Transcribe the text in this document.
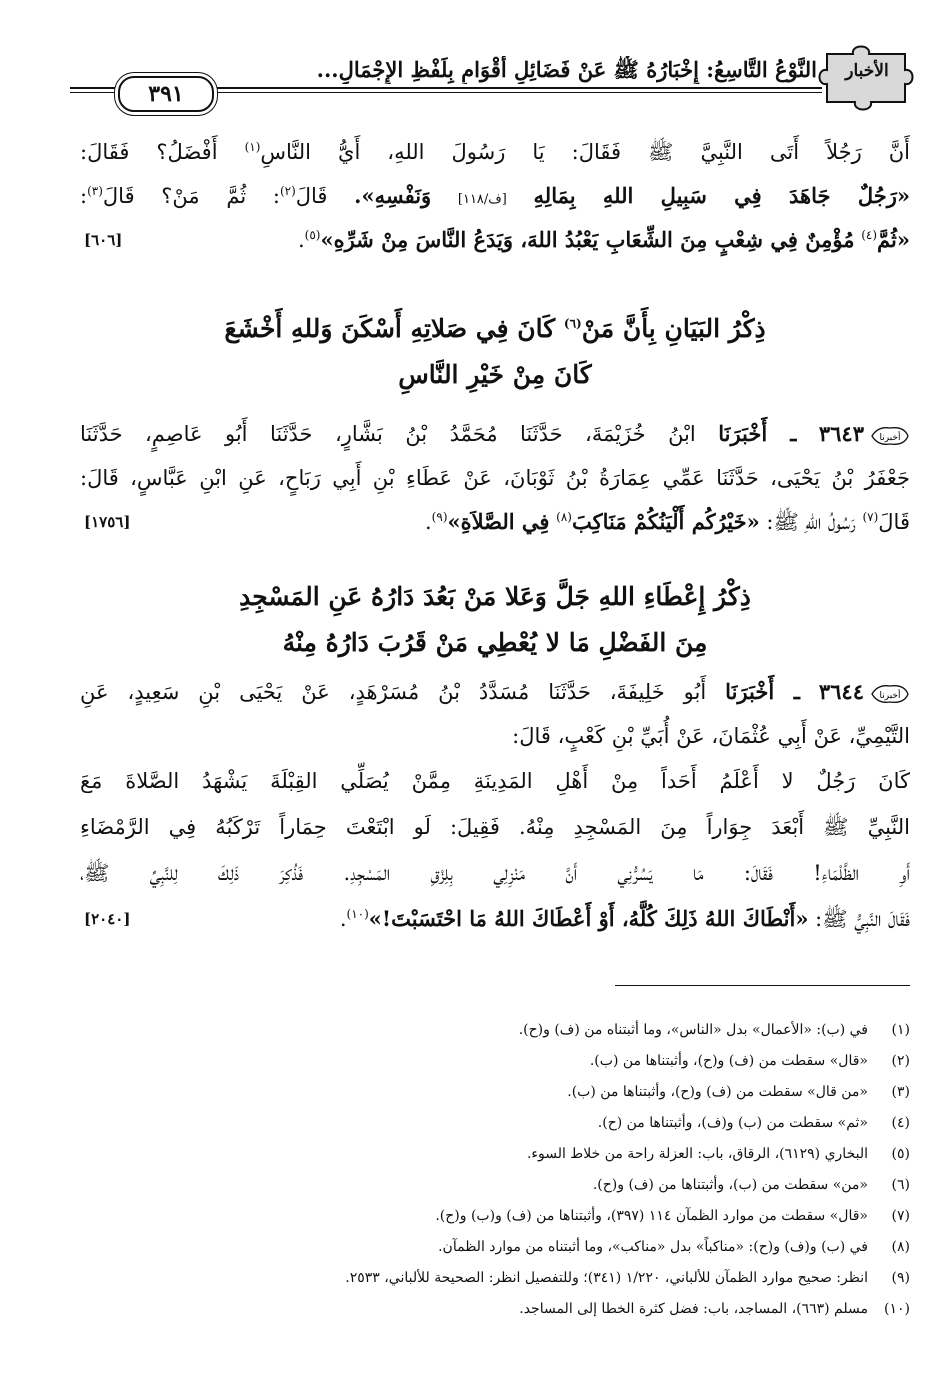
٣٩١
النَّوْعُ التَّاسِعُ: إِخْبَارُهُ ﷺ عَنْ فَضَائِلِ أَقْوَامٍ بِلَفْظِ الإِجْمَالِ...	الأخبار
أَنَّ رَجُلاً أَتَى النَّبِيَّ ﷺ فَقَالَ: يَا رَسُولَ اللهِ، أَيُّ النَّاسِ$^{(١)}$ أَفْضَلُ؟ فَقَالَ:
«رَجُلٌ جَاهَدَ فِي سَبِيلِ اللهِ بِمَالِهِ [ف/١١٨] وَنَفْسِهِ». قَالَ$^{(٢)}$: ثُمَّ مَنْ؟ قَالَ$^{(٣)}$:
«ثُمَّ$^{(٤)}$ مُؤْمِنٌ فِي شِعْبٍ مِنَ الشِّعَابِ يَعْبُدُ اللهَ، وَيَدَعُ النَّاسَ مِنْ شَرِّهِ»$^{(٥)}$.
[٦٠٦]
ذِكْرُ البَيَانِ بِأَنَّ مَنْ$^{(٦)}$ كَانَ فِي صَلاتِهِ أَسْكَنَ وَللهِ أَخْشَعَ
كَانَ مِنْ خَيْرِ النَّاسِ
أخبرنا
٣٦٤٣ ـ أَخْبَرَنَا ابْنُ خُزَيْمَةَ، حَدَّثَنَا مُحَمَّدُ بْنُ بَشَّارٍ، حَدَّثَنَا أَبُو عَاصِمٍ، حَدَّثَنَا
جَعْفَرُ بْنُ يَحْيَى، حَدَّثَنَا عَمِّي عِمَارَةُ بْنُ ثَوْبَانَ، عَنْ عَطَاءِ بْنِ أَبِي رَبَاحٍ، عَنِ ابْنِ عَبَّاسٍ، قَالَ:
قَالَ$^{(٧)}$ رَسُولُ اللهِ ﷺ: «خَيْرُكُم أَلْيَنُكُمْ مَنَاكِبَ$^{(٨)}$ فِي الصَّلاَةِ»$^{(٩)}$.
[١٧٥٦]
ذِكْرُ إِعْطَاءِ اللهِ جَلَّ وَعَلا مَنْ بَعُدَ دَارُهُ عَنِ المَسْجِدِ
مِنَ الفَضْلِ مَا لا يُعْطِي مَنْ قَرُبَ دَارُهُ مِنْهُ
أخبرنا
٣٦٤٤ ـ أَخْبَرَنَا أَبُو خَلِيفَةَ، حَدَّثَنَا مُسَدَّدُ بْنُ مُسَرْهَدٍ، عَنْ يَحْيَى بْنِ سَعِيدٍ، عَنِ
التَّيْمِيِّ، عَنْ أَبِي عُثْمَانَ، عَنْ أُبَيِّ بْنِ كَعْبٍ، قَالَ:
كَانَ رَجُلٌ لا أَعْلَمُ أَحَداً مِنْ أَهْلِ المَدِينَةِ مِمَّنْ يُصَلِّي القِبْلَةَ يَشْهَدُ الصَّلاةَ مَعَ
النَّبِيِّ ﷺ أَبْعَدَ جِوَاراً مِنَ المَسْجِدِ مِنْهُ. فَقِيلَ: لَو ابْتَعْتَ حِمَاراً تَرْكَبُهُ فِي الرَّمْضَاءِ
أَوِ الظَّلْمَاءِ! فَقَالَ: مَا يَسُرُّنِي أَنَّ مَنْزِلِي بِلِزْقِ المَسْجِدِ. فَذُكِرَ ذَلِكَ لِلنَّبِيِّ ﷺ،
فَقَالَ النَّبِيُّ ﷺ: «أَنْطَاكَ اللهُ ذَلِكَ كُلَّهُ، أَوْ أَعْطَاكَ اللهُ مَا احْتَسَبْتَ!»$^{(١٠)}$.
[٢٠٤٠]
(١)في (ب): «الأعمال» بدل «الناس»، وما أثبتناه من (ف) و(ح).
(٢)«قال» سقطت من (ف) و(ح)، وأثبتناها من (ب).
(٣)«من قال» سقطت من (ف) و(ح)، وأثبتناها من (ب).
(٤)«ثم» سقطت من (ب) و(ف)، وأثبتناها من (ح).
(٥)البخاري (٦١٢٩)، الرقاق، باب: العزلة راحة من خلاط السوء.
(٦)«من» سقطت من (ب)، وأثبتناها من (ف) و(ح).
(٧)«قال» سقطت من موارد الظمآن ١١٤ (٣٩٧)، وأثبتناها من (ف) و(ب) و(ح).
(٨)في (ب) و(ف) و(ح): «مناكباً» بدل «مناكب»، وما أثبتناه من موارد الظمآن.
(٩)انظر: صحيح موارد الظمآن للألباني، ١/٢٢٠ (٣٤١)؛ وللتفصيل انظر: الصحيحة للألباني، ٢٥٣٣.
(١٠)مسلم (٦٦٣)، المساجد، باب: فضل كثرة الخطا إلى المساجد.
